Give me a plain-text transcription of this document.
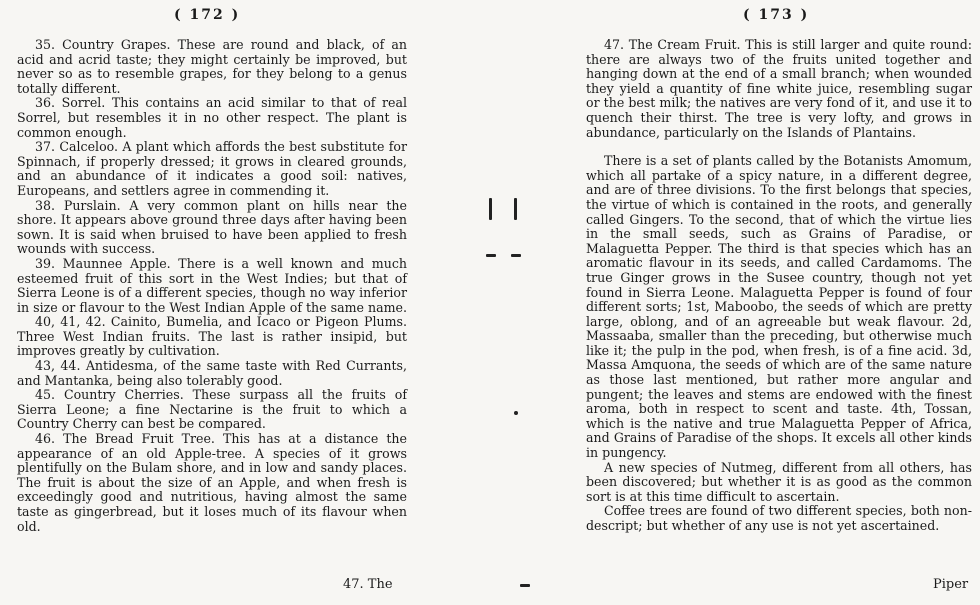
( 172 )

35. Country Grapes. These are round and black, of an acid and acrid taste; they might certainly be improved, but never so as to resemble grapes, for they belong to a genus totally different.

36. Sorrel. This contains an acid similar to that of real Sorrel, but resembles it in no other respect. The plant is common enough.

37. Calceloo. A plant which affords the best substitute for Spinnach, if properly dressed; it grows in cleared grounds, and an abundance of it indicates a good soil: natives, Europeans, and settlers agree in commending it.

38. Purslain. A very common plant on hills near the shore. It appears above ground three days after having been sown. It is said when bruised to have been applied to fresh wounds with success.

39. Maunnee Apple. There is a well known and much esteemed fruit of this sort in the West Indies; but that of Sierra Leone is of a different species, though no way inferior in size or flavour to the West Indian Apple of the same name.

40, 41, 42. Cainito, Bumelia, and Icaco or Pigeon Plums. Three West Indian fruits. The last is rather insipid, but improves greatly by cultivation.

43, 44. Antidesma, of the same taste with Red Currants, and Mantanka, being also tolerably good.

45. Country Cherries. These surpass all the fruits of Sierra Leone; a fine Nectarine is the fruit to which a Country Cherry can best be compared.

46. The Bread Fruit Tree. This has at a distance the appearance of an old Apple-tree. A species of it grows plentifully on the Bulam shore, and in low and sandy places. The fruit is about the size of an Apple, and when fresh is exceedingly good and nutritious, having almost the same taste as gingerbread, but it loses much of its flavour when old.

47. The
( 173 )

47. The Cream Fruit. This is still larger and quite round: there are always two of the fruits united together and hanging down at the end of a small branch; when wounded they yield a quantity of fine white juice, resembling sugar or the best milk; the natives are very fond of it, and use it to quench their thirst. The tree is very lofty, and grows in abundance, particularly on the Islands of Plantains.

There is a set of plants called by the Botanists Amomum, which all partake of a spicy nature, in a different degree, and are of three divisions. To the first belongs that species, the virtue of which is contained in the roots, and generally called Gingers. To the second, that of which the virtue lies in the small seeds, such as Grains of Paradise, or Malaguetta Pepper. The third is that species which has an aromatic flavour in its seeds, and called Cardamoms. The true Ginger grows in the Susee country, though not yet found in Sierra Leone. Malaguetta Pepper is found of four different sorts; 1st, Maboobo, the seeds of which are pretty large, oblong, and of an agreeable but weak flavour. 2d, Massaaba, smaller than the preceding, but otherwise much like it; the pulp in the pod, when fresh, is of a fine acid. 3d, Massa Amquona, the seeds of which are of the same nature as those last mentioned, but rather more angular and pungent; the leaves and stems are endowed with the finest aroma, both in respect to scent and taste. 4th, Tossan, which is the native and true Malaguetta Pepper of Africa, and Grains of Paradise of the shops. It excels all other kinds in pungency.

A new species of Nutmeg, different from all others, has been discovered; but whether it is as good as the common sort is at this time difficult to ascertain.

Coffee trees are found of two different species, both non-descript; but whether of any use is not yet ascertained.

Piper
